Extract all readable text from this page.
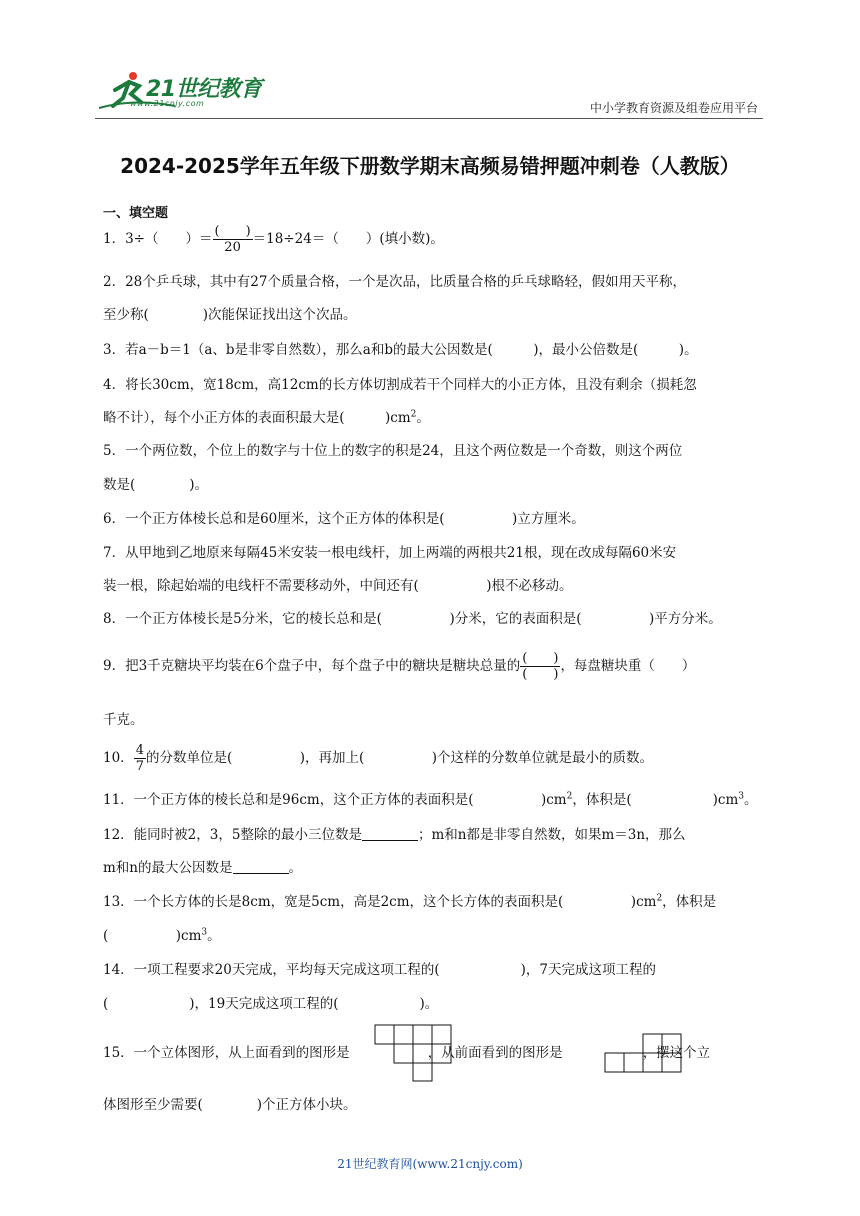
21世纪教育
www.21cnjy.com	中小学教育资源及组卷应用平台
2024-2025学年五年级下册数学期末高频易错押题冲刺卷（人教版）
一、填空题
1．3÷（　　）＝ $\frac{( )}{20} =18\div 24=$（　　）(填小数)。
2．28个乒乓球，其中有27个质量合格，一个是次品，比质量合格的乒乓球略轻，假如用天平称，
至少称(　　　　)次能保证找出这个次品。
3．若a－b＝1（a、b是非零自然数），那么a和b的最大公因数是(　　　)，最小公倍数是(　　　)。
4．将长30cm，宽18cm，高12cm的长方体切割成若干个同样大的小正方体，且没有剩余（损耗忽
略不计），每个小正方体的表面积最大是(　　　)$cm^2$。
5．一个两位数，个位上的数字与十位上的数字的积是24，且这个两位数是一个奇数，则这个两位
数是(　　　　)。
6．一个正方体棱长总和是60厘米，这个正方体的体积是(　　　　　)立方厘米。
7．从甲地到乙地原来每隔45米安装一根电线杆，加上两端的两根共21根，现在改成每隔60米安
装一根，除起始端的电线杆不需要移动外，中间还有(　　　　　)根不必移动。
8．一个正方体棱长是5分米，它的棱长总和是(　　　　　)分米，它的表面积是(　　　　　)平方分米。
9．把3千克糖块平均装在6个盘子中，每个盘子中的糖块是糖块总量的 $\frac{( )}{( )}$ ，每盘糖块重（　　）
千克。
10． $\frac{4}{7}$ 的分数单位是(　　　　　)，再加上(　　　　　)个这样的分数单位就是最小的质数。
11．一个正方体的棱长总和是96cm，这个正方体的表面积是(　　　　　)$cm^2$，体积是(　　　　　　)$cm^3$。
12．能同时被2，3，5整除的最小三位数是	；m和n都是非零自然数，如果m＝3n，那么
m和n的最大公因数是	。
13．一个长方体的长是8cm，宽是5cm，高是2cm，这个长方体的表面积是(　　　　　)$cm^2$，体积是
(　　　　　)$cm^3$。
14．一项工程要求20天完成，平均每天完成这项工程的(　　　　　　)，7天完成这项工程的
(　　　　　　)，19天完成这项工程的(　　　　　　)。
15．一个立体图形，从上面看到的图形是	，从前面看到的图形是	，摆这个立
体图形至少需要(　　　　)个正方体小块。
21世纪教育网(www.21cnjy.com)
